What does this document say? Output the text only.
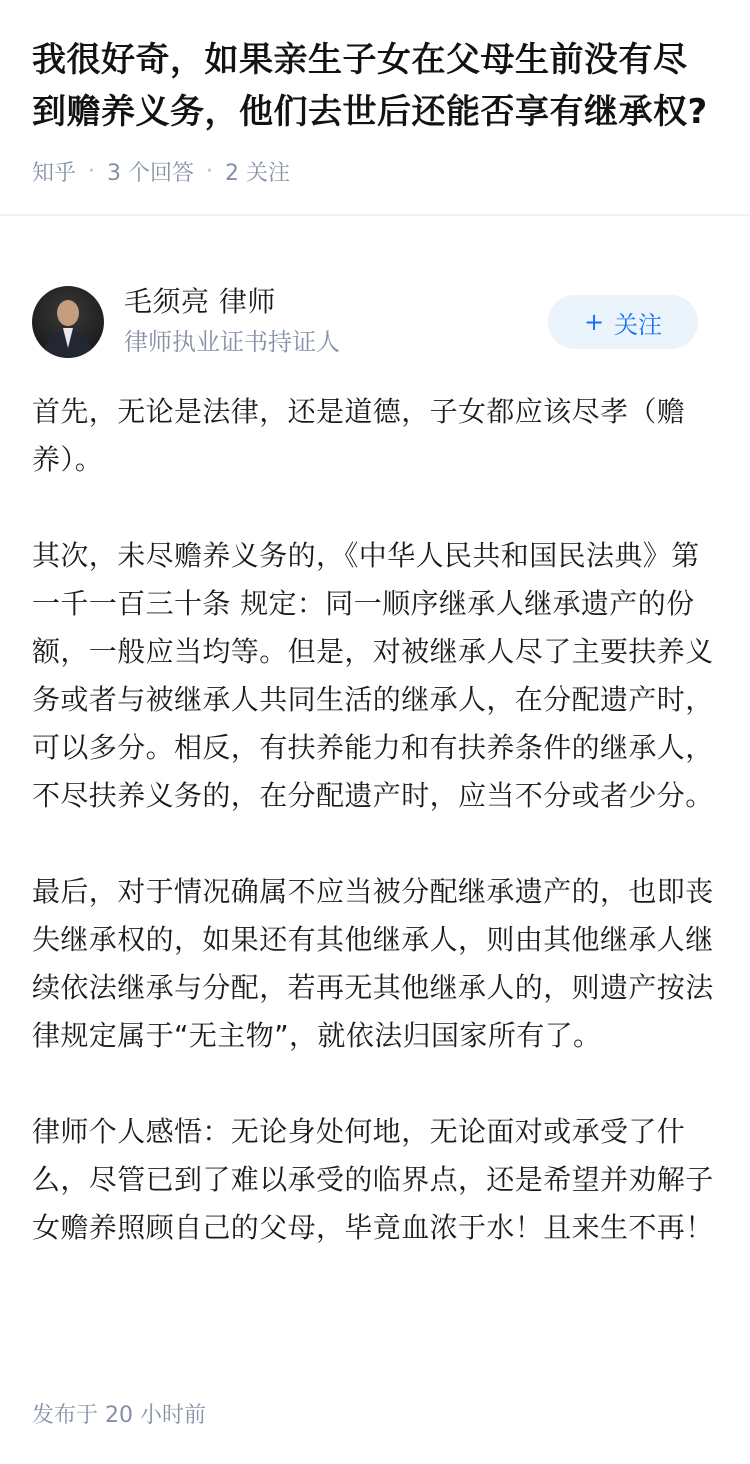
我很好奇，如果亲生子女在父母生前没有尽到赡养义务，他们去世后还能否享有继承权?
知乎 · 3 个回答 · 2 关注
毛须亮 律师
律师执业证书持证人
+ 关注

首先，无论是法律，还是道德，子女都应该尽孝（赡养）。

其次，未尽赡养义务的，《中华人民共和国民法典》第一千一百三十条 规定：同一顺序继承人继承遗产的份额，一般应当均等。但是，对被继承人尽了主要扶养义务或者与被继承人共同生活的继承人，在分配遗产时，可以多分。相反，有扶养能力和有扶养条件的继承人，不尽扶养义务的，在分配遗产时，应当不分或者少分。

最后，对于情况确属不应当被分配继承遗产的，也即丧失继承权的，如果还有其他继承人，则由其他继承人继续依法继承与分配，若再无其他继承人的，则遗产按法律规定属于“无主物”，就依法归国家所有了。

律师个人感悟：无论身处何地，无论面对或承受了什么，尽管已到了难以承受的临界点，还是希望并劝解子女赡养照顾自己的父母，毕竟血浓于水！且来生不再！

发布于 20 小时前
